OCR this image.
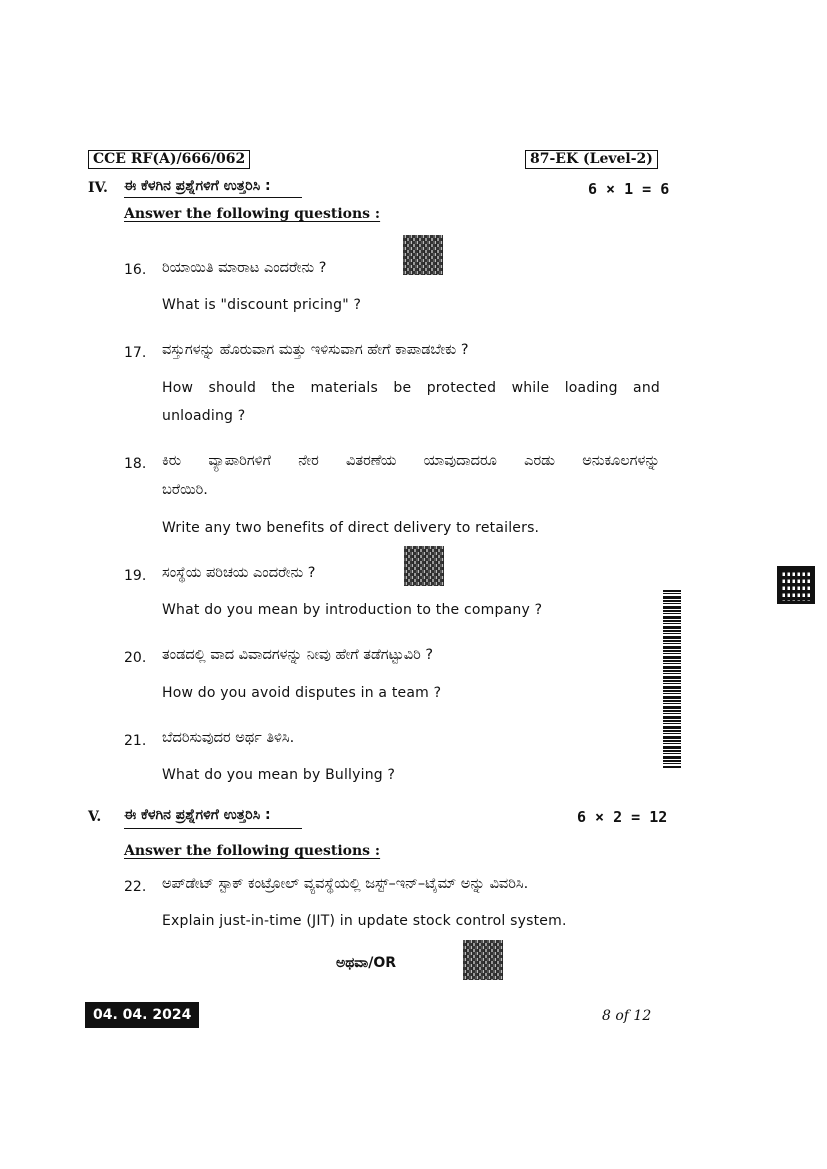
CCE RF(A)/666/062	87-EK (Level-2)
IV. ಈ ಕೆಳಗಿನ ಪ್ರಶ್ನೆಗಳಿಗೆ ಉತ್ತರಿಸಿ :	6 × 1 = 6
Answer the following questions :
16.	ರಿಯಾಯಿತಿ ಮಾರಾಟ ಎಂದರೇನು ?
What is "discount pricing" ?
17.	ವಸ್ತುಗಳನ್ನು ಹೊರುವಾಗ ಮತ್ತು ಇಳಿಸುವಾಗ ಹೇಗೆ ಕಾಪಾಡಬೇಕು ?
How should the materials be protected while loading and
unloading ?
18.	ಕಿರು ವ್ಯಾಪಾರಿಗಳಿಗೆ ನೇರ ವಿತರಣೆಯ ಯಾವುದಾದರೂ ಎರಡು ಅನುಕೂಲಗಳನ್ನು
ಬರೆಯಿರಿ.
Write any two benefits of direct delivery to retailers.
19.	ಸಂಸ್ಥೆಯ ಪರಿಚಯ ಎಂದರೇನು ?
What do you mean by introduction to the company ?
20.	ತಂಡದಲ್ಲಿ ವಾದ ವಿವಾದಗಳನ್ನು ನೀವು ಹೇಗೆ ತಡೆಗಟ್ಟುವಿರಿ ?
How do you avoid disputes in a team ?
21.	ಬೆದರಿಸುವುದರ ಅರ್ಥ ತಿಳಿಸಿ.
What do you mean by Bullying ?
V. ಈ ಕೆಳಗಿನ ಪ್ರಶ್ನೆಗಳಿಗೆ ಉತ್ತರಿಸಿ :	6 × 2 = 12
Answer the following questions :
22.	ಅಪ್‌ಡೇಟ್ ಸ್ಟಾಕ್ ಕಂಟ್ರೋಲ್ ವ್ಯವಸ್ಥೆಯಲ್ಲಿ ಜಸ್ಟ್–ಇನ್–ಟೈಮ್ ಅನ್ನು ವಿವರಿಸಿ.
Explain just-in-time (JIT) in update stock control system.
ಅಥವಾ/OR
04. 04. 2024	8 of 12
